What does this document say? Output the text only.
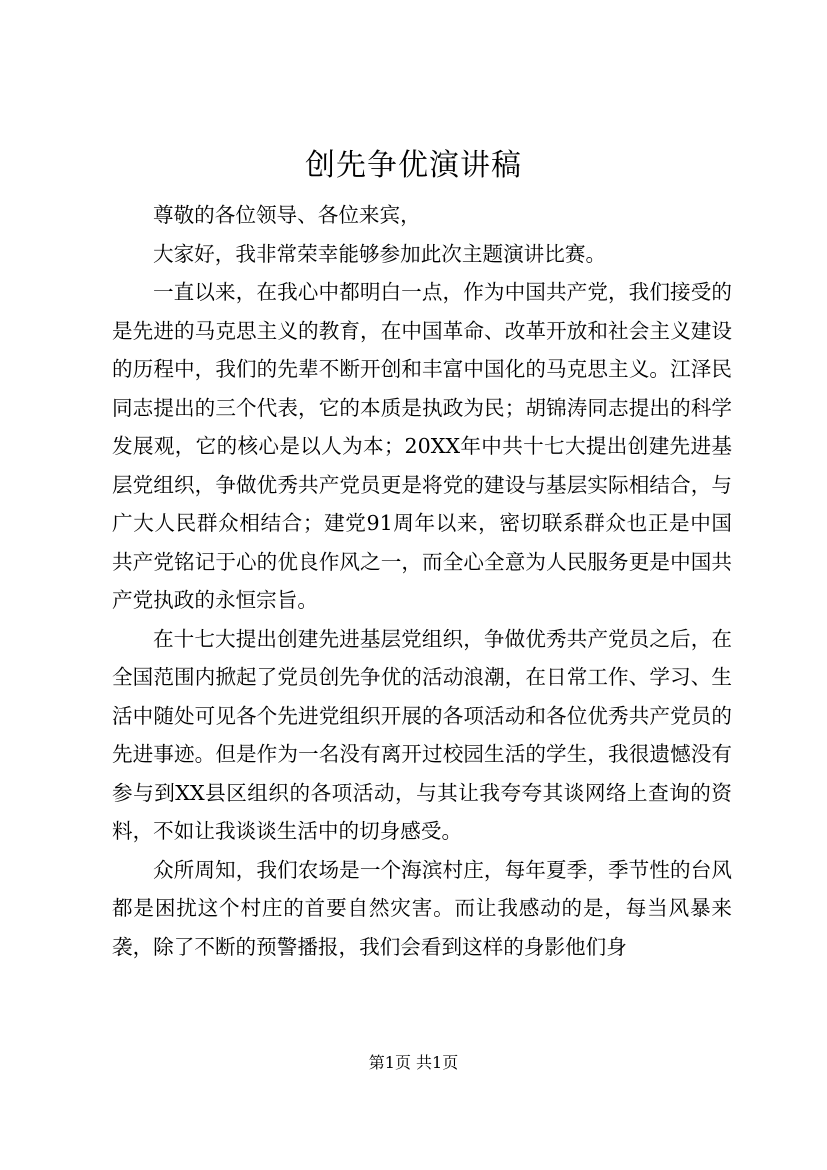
创先争优演讲稿

尊敬的各位领导、各位来宾，

大家好，我非常荣幸能够参加此次主题演讲比赛。

一直以来，在我心中都明白一点，作为中国共产党，我们接受的是先进的马克思主义的教育，在中国革命、改革开放和社会主义建设的历程中，我们的先辈不断开创和丰富中国化的马克思主义。江泽民同志提出的三个代表，它的本质是执政为民；胡锦涛同志提出的科学发展观，它的核心是以人为本；20XX年中共十七大提出创建先进基层党组织，争做优秀共产党员更是将党的建设与基层实际相结合，与广大人民群众相结合；建党91周年以来，密切联系群众也正是中国共产党铭记于心的优良作风之一，而全心全意为人民服务更是中国共产党执政的永恒宗旨。

在十七大提出创建先进基层党组织，争做优秀共产党员之后，在全国范围内掀起了党员创先争优的活动浪潮，在日常工作、学习、生活中随处可见各个先进党组织开展的各项活动和各位优秀共产党员的先进事迹。但是作为一名没有离开过校园生活的学生，我很遗憾没有参与到XX县区组织的各项活动，与其让我夸夸其谈网络上查询的资料，不如让我谈谈生活中的切身感受。

众所周知，我们农场是一个海滨村庄，每年夏季，季节性的台风都是困扰这个村庄的首要自然灾害。而让我感动的是，每当风暴来袭，除了不断的预警播报，我们会看到这样的身影他们身

第1页 共1页
